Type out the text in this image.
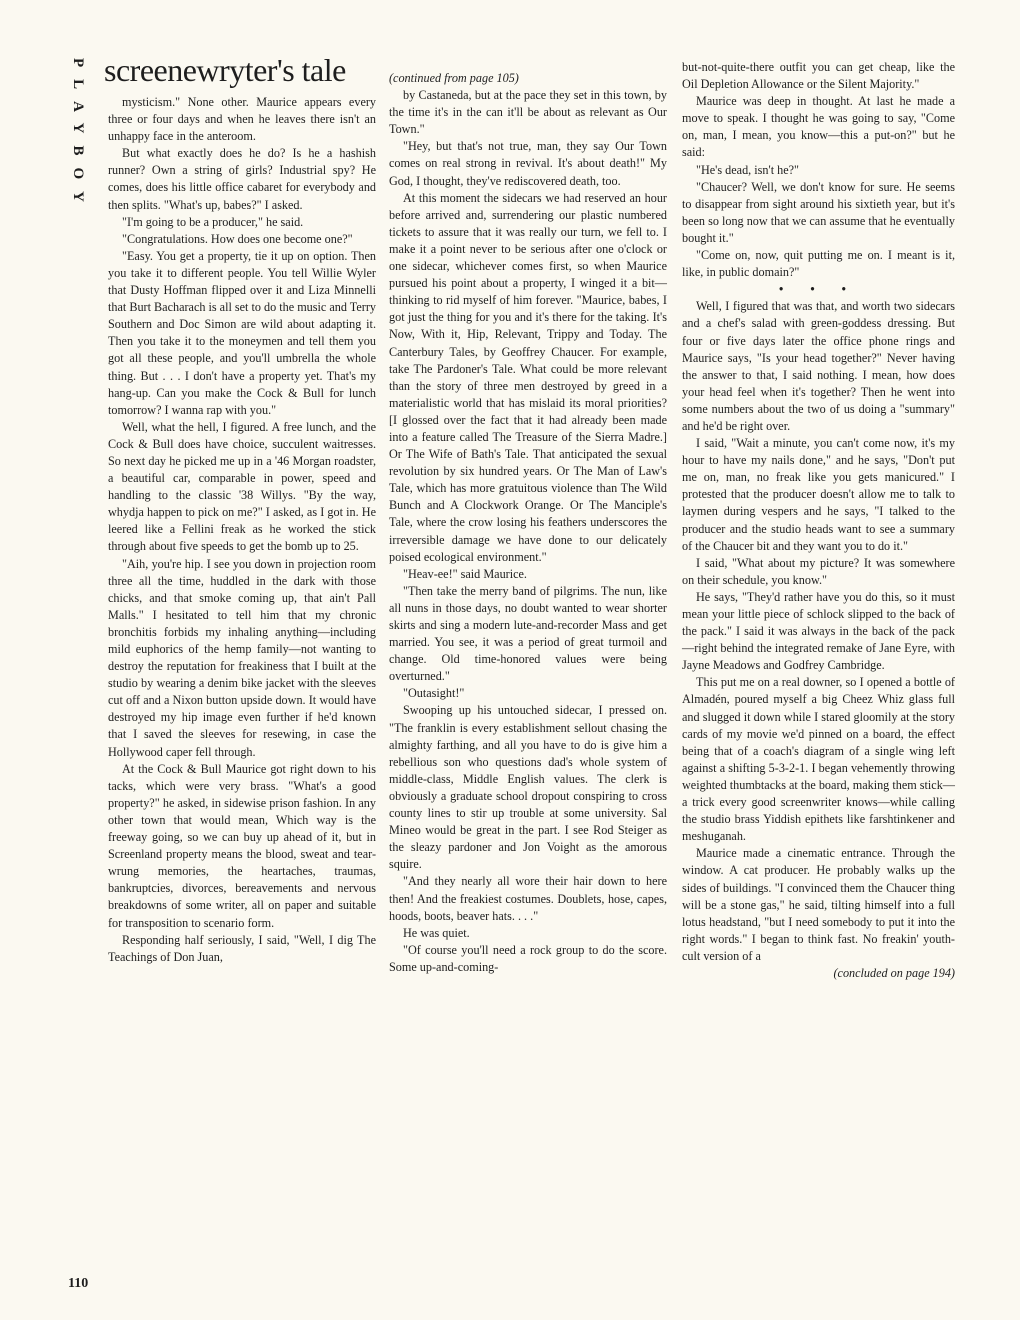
PLAYBOY screenewryter's tale

mysticism." None other. Maurice appears every three or four days and when he leaves there isn't an unhappy face in the anteroom.

But what exactly does he do? Is he a hashish runner? Own a string of girls? Industrial spy? He comes, does his little office cabaret for everybody and then splits. "What's up, babes?" I asked.

"I'm going to be a producer," he said.

"Congratulations. How does one become one?"

"Easy. You get a property, tie it up on option. Then you take it to different people. You tell Willie Wyler that Dusty Hoffman flipped over it and Liza Minnelli that Burt Bacharach is all set to do the music and Terry Southern and Doc Simon are wild about adapting it. Then you take it to the moneymen and tell them you got all these people, and you'll umbrella the whole thing. But . . . I don't have a property yet. That's my hang-up. Can you make the Cock & Bull for lunch tomorrow? I wanna rap with you."

Well, what the hell, I figured. A free lunch, and the Cock & Bull does have choice, succulent waitresses. So next day he picked me up in a '46 Morgan roadster, a beautiful car, comparable in power, speed and handling to the classic '38 Willys. "By the way, whydja happen to pick on me?" I asked, as I got in. He leered like a Fellini freak as he worked the stick through about five speeds to get the bomb up to 25.

"Aih, you're hip. I see you down in projection room three all the time, huddled in the dark with those chicks, and that smoke coming up, that ain't Pall Malls." I hesitated to tell him that my chronic bronchitis forbids my inhaling anything—including mild euphorics of the hemp family—not wanting to destroy the reputation for freakiness that I built at the studio by wearing a denim bike jacket with the sleeves cut off and a Nixon button upside down. It would have destroyed my hip image even further if he'd known that I saved the sleeves for resewing, in case the Hollywood caper fell through.

At the Cock & Bull Maurice got right down to his tacks, which were very brass. "What's a good property?" he asked, in sidewise prison fashion. In any other town that would mean, Which way is the freeway going, so we can buy up ahead of it, but in Screenland property means the blood, sweat and tear-wrung memories, the heartaches, traumas, bankruptcies, divorces, bereavements and nervous breakdowns of some writer, all on paper and suitable for transposition to scenario form.

Responding half seriously, I said, "Well, I dig The Teachings of Don Juan,

(continued from page 105)

by Castaneda, but at the pace they set in this town, by the time it's in the can it'll be about as relevant as Our Town."

"Hey, but that's not true, man, they say Our Town comes on real strong in revival. It's about death!" My God, I thought, they've rediscovered death, too.

At this moment the sidecars we had reserved an hour before arrived and, surrendering our plastic numbered tickets to assure that it was really our turn, we fell to. I make it a point never to be serious after one o'clock or one sidecar, whichever comes first, so when Maurice pursued his point about a property, I winged it a bit—thinking to rid myself of him forever. "Maurice, babes, I got just the thing for you and it's there for the taking. It's Now, With it, Hip, Relevant, Trippy and Today. The Canterbury Tales, by Geoffrey Chaucer. For example, take The Pardoner's Tale. What could be more relevant than the story of three men destroyed by greed in a materialistic world that has mislaid its moral priorities? [I glossed over the fact that it had already been made into a feature called The Treasure of the Sierra Madre.] Or The Wife of Bath's Tale. That anticipated the sexual revolution by six hundred years. Or The Man of Law's Tale, which has more gratuitous violence than The Wild Bunch and A Clockwork Orange. Or The Manciple's Tale, where the crow losing his feathers underscores the irreversible damage we have done to our delicately poised ecological environment."

"Heav-ee!" said Maurice.

"Then take the merry band of pilgrims. The nun, like all nuns in those days, no doubt wanted to wear shorter skirts and sing a modern lute-and-recorder Mass and get married. You see, it was a period of great turmoil and change. Old time-honored values were being overturned."

"Outasight!"

Swooping up his untouched sidecar, I pressed on. "The franklin is every establishment sellout chasing the almighty farthing, and all you have to do is give him a rebellious son who questions dad's whole system of middle-class, Middle English values. The clerk is obviously a graduate school dropout conspiring to cross county lines to stir up trouble at some university. Sal Mineo would be great in the part. I see Rod Steiger as the sleazy pardoner and Jon Voight as the amorous squire.

"And they nearly all wore their hair down to here then! And the freakiest costumes. Doublets, hose, capes, hoods, boots, beaver hats. . . ."

He was quiet.

"Of course you'll need a rock group to do the score. Some up-and-coming-

but-not-quite-there outfit you can get cheap, like the Oil Depletion Allowance or the Silent Majority."

Maurice was deep in thought. At last he made a move to speak. I thought he was going to say, "Come on, man, I mean, you know—this a put-on?" but he said:

"He's dead, isn't he?"

"Chaucer? Well, we don't know for sure. He seems to disappear from sight around his sixtieth year, but it's been so long now that we can assume that he eventually bought it."

"Come on, now, quit putting me on. I meant is it, like, in public domain?"

• • •

Well, I figured that was that, and worth two sidecars and a chef's salad with green-goddess dressing. But four or five days later the office phone rings and Maurice says, "Is your head together?" Never having the answer to that, I said nothing. I mean, how does your head feel when it's together? Then he went into some numbers about the two of us doing a "summary" and he'd be right over.

I said, "Wait a minute, you can't come now, it's my hour to have my nails done," and he says, "Don't put me on, man, no freak like you gets manicured." I protested that the producer doesn't allow me to talk to laymen during vespers and he says, "I talked to the producer and the studio heads want to see a summary of the Chaucer bit and they want you to do it."

I said, "What about my picture? It was somewhere on their schedule, you know."

He says, "They'd rather have you do this, so it must mean your little piece of schlock slipped to the back of the pack." I said it was always in the back of the pack—right behind the integrated remake of Jane Eyre, with Jayne Meadows and Godfrey Cambridge.

This put me on a real downer, so I opened a bottle of Almadén, poured myself a big Cheez Whiz glass full and slugged it down while I stared gloomily at the story cards of my movie we'd pinned on a board, the effect being that of a coach's diagram of a single wing left against a shifting 5-3-2-1. I began vehemently throwing weighted thumbtacks at the board, making them stick—a trick every good screenwriter knows—while calling the studio brass Yiddish epithets like farshtinkener and meshuganah.

Maurice made a cinematic entrance. Through the window. A cat producer. He probably walks up the sides of buildings. "I convinced them the Chaucer thing will be a stone gas," he said, tilting himself into a full lotus headstand, "but I need somebody to put it into the right words." I began to think fast. No freakin' youth-cult version of a

(concluded on page 194)

110
